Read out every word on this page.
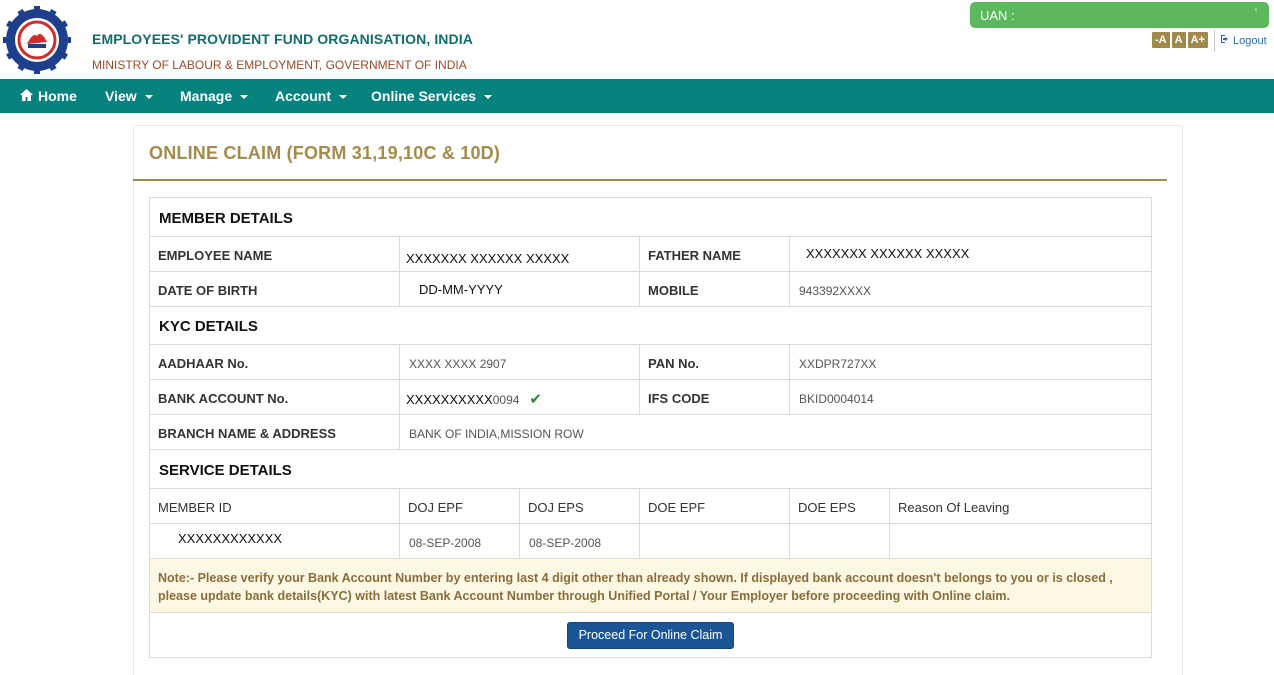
EMPLOYEES' PROVIDENT FUND ORGANISATION, INDIA
MINISTRY OF LABOUR & EMPLOYMENT, GOVERNMENT OF INDIA
UAN :	'
-A A A+	Logout
Home View	Manage	Account	Online Services
ONLINE CLAIM (FORM 31,19,10C & 10D)
MEMBER DETAILS
EMPLOYEE NAME	XXXXXXX XXXXXX XXXXX	FATHER NAME	XXXXXXX XXXXXX XXXXX
DATE OF BIRTH	DD-MM-YYYY	MOBILE	943392XXXX
KYC DETAILS
AADHAAR No.	XXXX XXXX 2907	PAN No.	XXDPR727XX
BANK ACCOUNT No.	XXXXXXXXXX0094 ✔	IFS CODE	BKID0004014
BRANCH NAME & ADDRESS	BANK OF INDIA,MISSION ROW
SERVICE DETAILS
MEMBER ID	DOJ EPF	DOJ EPS	DOE EPF	DOE EPS	Reason Of Leaving
XXXXXXXXXXXX	08-SEP-2008	08-SEP-2008
Note:- Please verify your Bank Account Number by entering last 4 digit other than already shown. If displayed bank account doesn't belongs to you or is closed , please update bank details(KYC) with latest Bank Account Number through Unified Portal / Your Employer before proceeding with Online claim.
Proceed For Online Claim
